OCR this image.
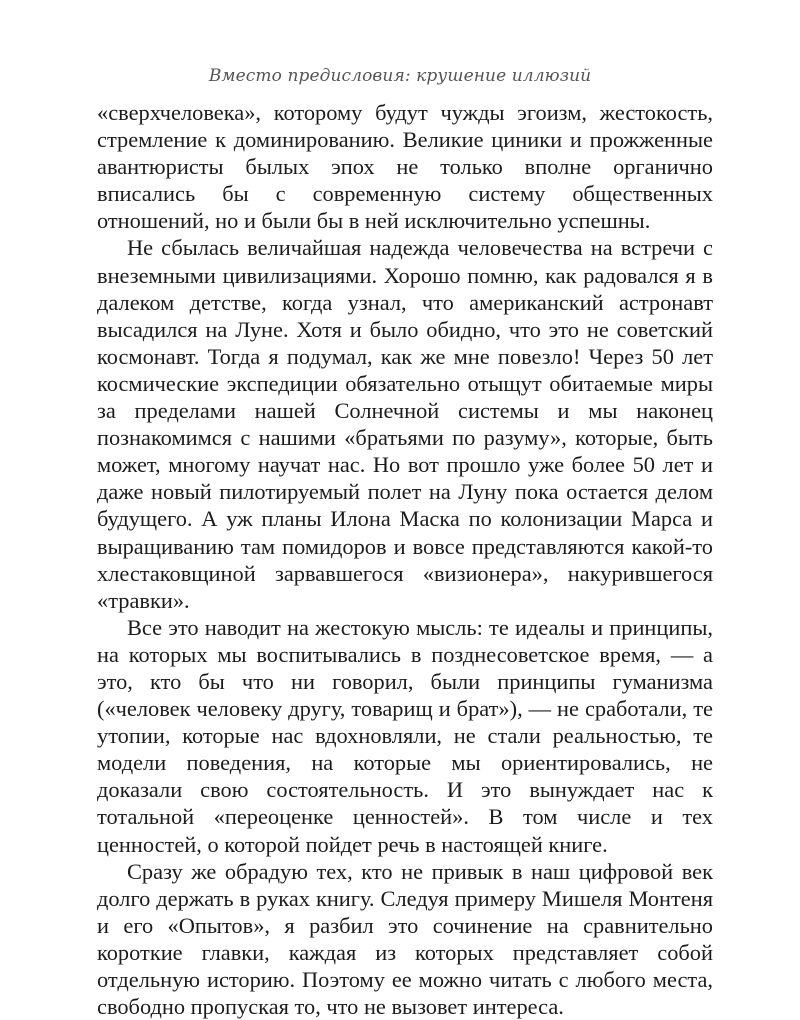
Вместо предисловия: крушение иллюзий

«сверхчеловека», которому будут чужды эгоизм, жестокость, стремление к доминированию. Великие циники и прожженные авантюристы былых эпох не только вполне органично вписались бы с современную систему общественных отношений, но и были бы в ней исключительно успешны.

Не сбылась величайшая надежда человечества на встречи с внеземными цивилизациями. Хорошо помню, как радовался я в далеком детстве, когда узнал, что американский астронавт высадился на Луне. Хотя и было обидно, что это не советский космонавт. Тогда я подумал, как же мне повезло! Через 50 лет космические экспедиции обязательно отыщут обитаемые миры за пределами нашей Солнечной системы и мы наконец познакомимся с нашими «братьями по разуму», которые, быть может, многому научат нас. Но вот прошло уже более 50 лет и даже новый пилотируемый полет на Луну пока остается делом будущего. А уж планы Илона Маска по колонизации Марса и выращиванию там помидоров и вовсе представляются какой-то хлестаковщиной зарвавшегося «визионера», накурившегося «травки».

Все это наводит на жестокую мысль: те идеалы и принципы, на которых мы воспитывались в позднесоветское время, — а это, кто бы что ни говорил, были принципы гуманизма («человек человеку другу, товарищ и брат»), — не сработали, те утопии, которые нас вдохновляли, не стали реальностью, те модели поведения, на которые мы ориентировались, не доказали свою состоятельность. И это вынуждает нас к тотальной «переоценке ценностей». В том числе и тех ценностей, о которой пойдет речь в настоящей книге.

Сразу же обрадую тех, кто не привык в наш цифровой век долго держать в руках книгу. Следуя примеру Мишеля Монтеня и его «Опытов», я разбил это сочинение на сравнительно короткие главки, каждая из которых представляет собой отдельную историю. Поэтому ее можно читать с любого места, свободно пропуская то, что не вызовет интереса.
